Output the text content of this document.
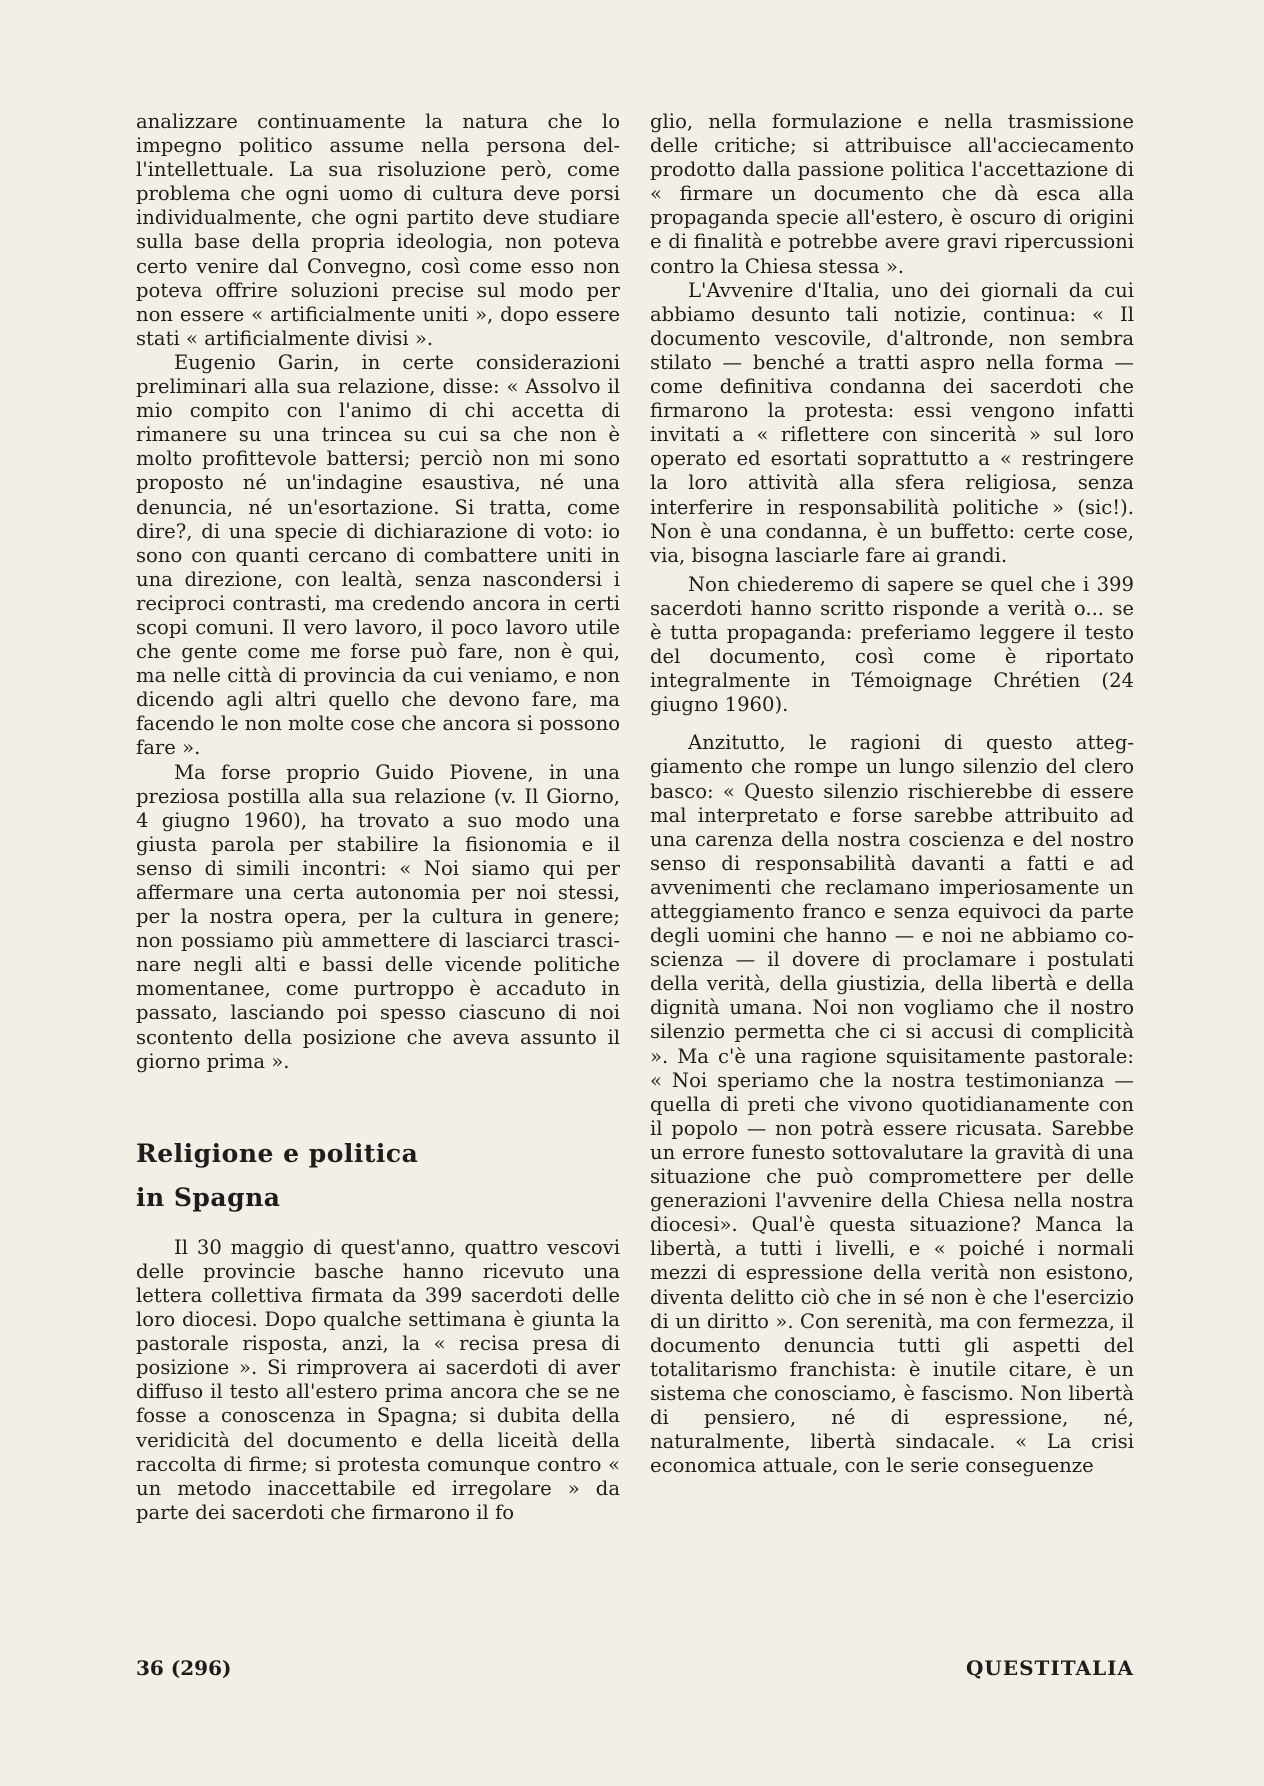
analizzare continuamente la natura che lo impegno politico assume nella persona dell'intellettuale. La sua risoluzione però, come problema che ogni uomo di cultura deve porsi individualmente, che ogni partito deve studiare sulla base della propria ideologia, non poteva certo venire dal Convegno, così come esso non poteva offrire soluzioni precise sul modo per non essere « artificialmente uniti », dopo essere stati « artificialmente divisi ».

Eugenio Garin, in certe considerazioni preliminari alla sua relazione, disse: « Assolvo il mio compito con l'animo di chi accetta di rimanere su una trincea su cui sa che non è molto profittevole battersi; perciò non mi sono proposto né un'indagine esaustiva, né una denuncia, né un'esortazione. Si tratta, come dire?, di una specie di dichiarazione di voto: io sono con quanti cercano di combattere uniti in una direzione, con lealtà, senza nascondersi i reciproci contrasti, ma credendo ancora in certi scopi comuni. Il vero lavoro, il poco lavoro utile che gente come me forse può fare, non è qui, ma nelle città di provincia da cui veniamo, e non dicendo agli altri quello che devono fare, ma facendo le non molte cose che ancora si possono fare ».

Ma forse proprio Guido Piovene, in una preziosa postilla alla sua relazione (v. Il Giorno, 4 giugno 1960), ha trovato a suo modo una giusta parola per stabilire la fisionomia e il senso di simili incontri: « Noi siamo qui per affermare una certa autonomia per noi stessi, per la nostra opera, per la cultura in genere; non possiamo più ammettere di lasciarci trascinare negli alti e bassi delle vicende politiche momentanee, come purtroppo è accaduto in passato, lasciando poi spesso ciascuno di noi scontento della posizione che aveva assunto il giorno prima ».

Religione e politica
in Spagna

Il 30 maggio di quest'anno, quattro vescovi delle provincie basche hanno ricevuto una lettera collettiva firmata da 399 sacerdoti delle loro diocesi. Dopo qualche settimana è giunta la pastorale risposta, anzi, la « recisa presa di posizione ». Si rimprovera ai sacerdoti di aver diffuso il testo all'estero prima ancora che se ne fosse a conoscenza in Spagna; si dubita della veridicità del documento e della liceità della raccolta di firme; si protesta comunque contro « un metodo inaccettabile ed irregolare » da parte dei sacerdoti che firmarono il fo

glio, nella formulazione e nella trasmissione delle critiche; si attribuisce all'acciecamento prodotto dalla passione politica l'accettazione di « firmare un documento che dà esca alla propaganda specie all'estero, è oscuro di origini e di finalità e potrebbe avere gravi ripercussioni contro la Chiesa stessa ».

L'Avvenire d'Italia, uno dei giornali da cui abbiamo desunto tali notizie, continua: « Il documento vescovile, d'altronde, non sembra stilato — benché a tratti aspro nella forma — come definitiva condanna dei sacerdoti che firmarono la protesta: essi vengono infatti invitati a « riflettere con sincerità » sul loro operato ed esortati soprattutto a « restringere la loro attività alla sfera religiosa, senza interferire in responsabilità politiche » (sic!). Non è una condanna, è un buffetto: certe cose, via, bisogna lasciarle fare ai grandi.

Non chiederemo di sapere se quel che i 399 sacerdoti hanno scritto risponde a verità o... se è tutta propaganda: preferiamo leggere il testo del documento, così come è riportato integralmente in Témoignage Chrétien (24 giugno 1960).

Anzitutto, le ragioni di questo atteggiamento che rompe un lungo silenzio del clero basco: « Questo silenzio rischierebbe di essere mal interpretato e forse sarebbe attribuito ad una carenza della nostra coscienza e del nostro senso di responsabilità davanti a fatti e ad avvenimenti che reclamano imperiosamente un atteggiamento franco e senza equivoci da parte degli uomini che hanno — e noi ne abbiamo coscienza — il dovere di proclamare i postulati della verità, della giustizia, della libertà e della dignità umana. Noi non vogliamo che il nostro silenzio permetta che ci si accusi di complicità ». Ma c'è una ragione squisitamente pastorale: « Noi speriamo che la nostra testimonianza — quella di preti che vivono quotidianamente con il popolo — non potrà essere ricusata. Sarebbe un errore funesto sottovalutare la gravità di una situazione che può compromettere per delle generazioni l'avvenire della Chiesa nella nostra diocesi». Qual'è questa situazione? Manca la libertà, a tutti i livelli, e « poiché i normali mezzi di espressione della verità non esistono, diventa delitto ciò che in sé non è che l'esercizio di un diritto ». Con serenità, ma con fermezza, il documento denuncia tutti gli aspetti del totalitarismo franchista: è inutile citare, è un sistema che conosciamo, è fascismo. Non libertà di pensiero, né di espressione, né, naturalmente, libertà sindacale. « La crisi economica attuale, con le serie conseguenze

36 (296)	QUESTITALIA
